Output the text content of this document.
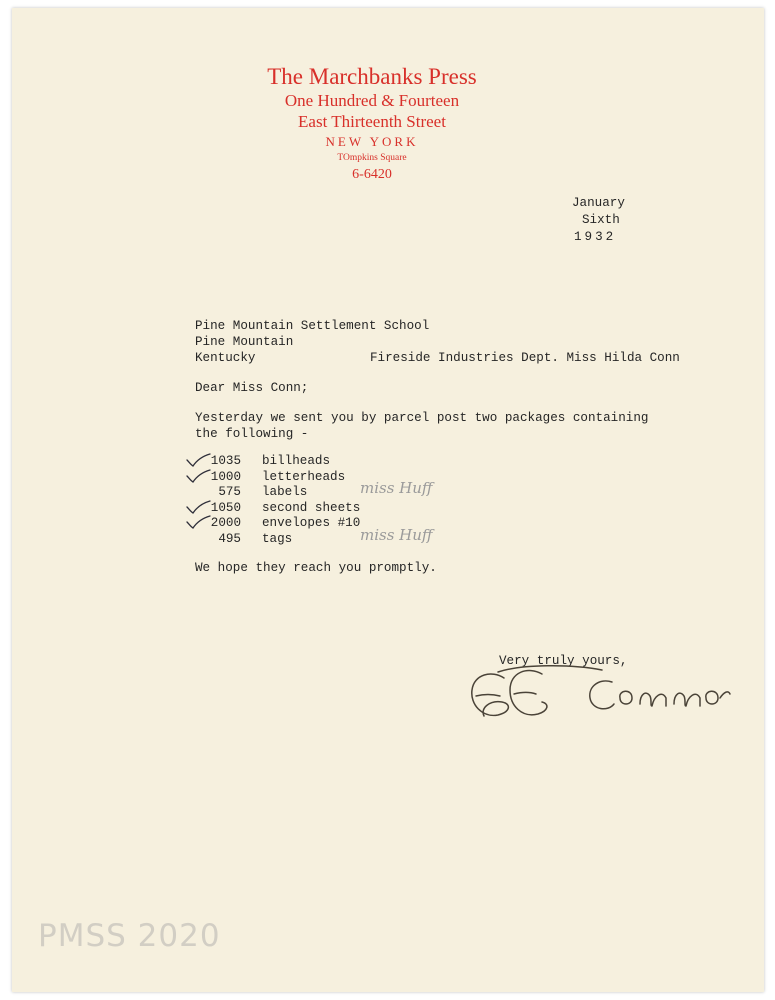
The Marchbanks Press
One Hundred & Fourteen
East Thirteenth Street
NEW YORK
TOmpkins Square
6-6420
January
Sixth
1932
Pine Mountain Settlement School
Pine Mountain
Kentucky	Fireside Industries Dept. Miss Hilda Conn
Dear Miss Conn;
Yesterday we sent you by parcel post two packages containing
the following -
1035 billheads
1000 letterheads
575 labels	miss Huff
1050 second sheets
2000 envelopes #10
495 tags	miss Huff
We hope they reach you promptly.
Very truly yours,
PMSS 2020
